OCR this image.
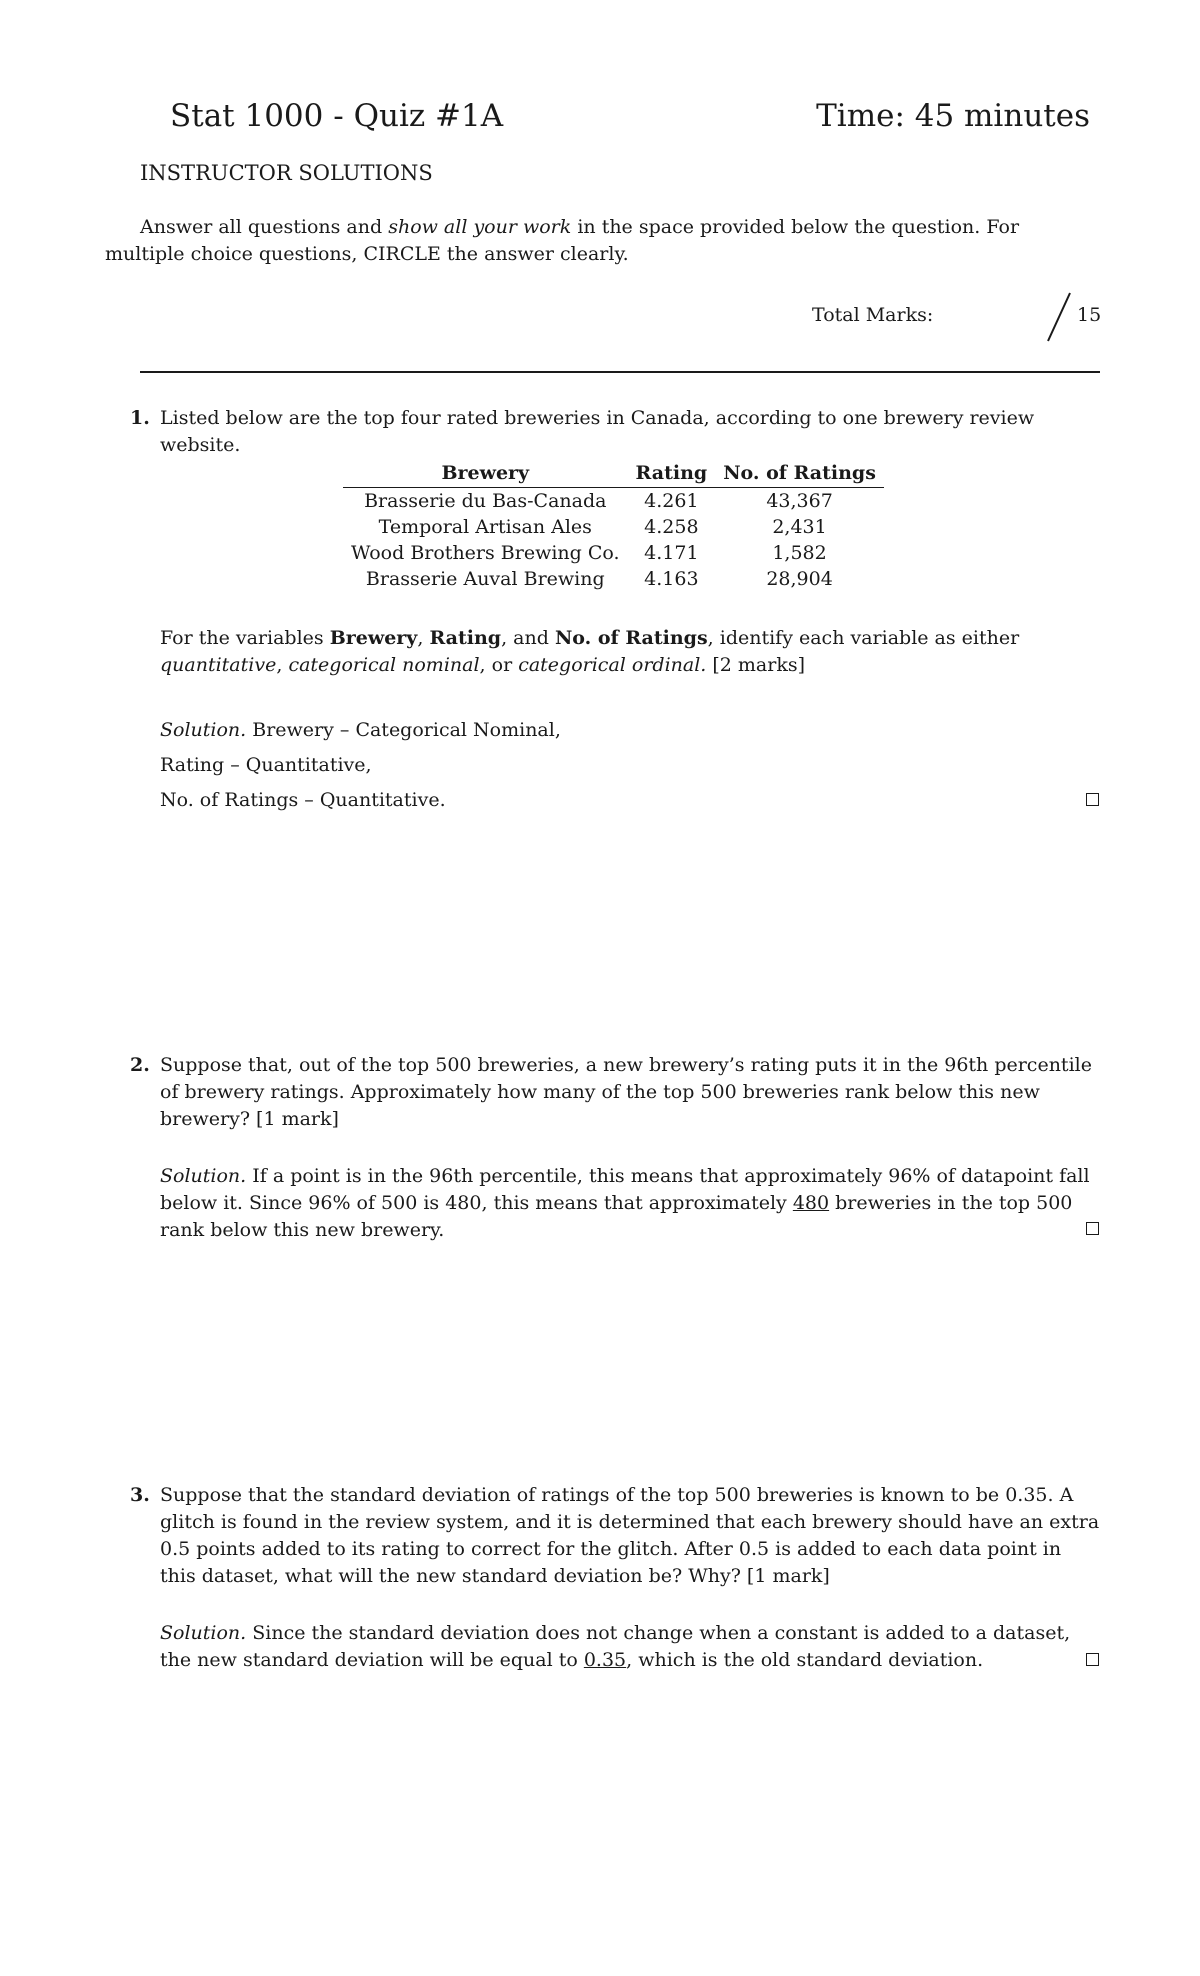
Stat 1000 - Quiz #1A	Time: 45 minutes
INSTRUCTOR SOLUTIONS
Answer all questions and show all your work in the space provided below the question. For multiple choice questions, CIRCLE the answer clearly.
Total Marks:	15
1. Listed below are the top four rated breweries in Canada, according to one brewery review website.
Brewery	Rating	No. of Ratings
Brasserie du Bas-Canada	4.261	43,367
Temporal Artisan Ales	4.258	2,431
Wood Brothers Brewing Co.	4.171	1,582
Brasserie Auval Brewing	4.163	28,904
For the variables Brewery, Rating, and No. of Ratings, identify each variable as either quantitative, categorical nominal, or categorical ordinal. [2 marks]
Solution. Brewery – Categorical Nominal,
Rating – Quantitative,
No. of Ratings – Quantitative.
2. Suppose that, out of the top 500 breweries, a new brewery’s rating puts it in the 96th percentile of brewery ratings. Approximately how many of the top 500 breweries rank below this new brewery? [1 mark]
Solution. If a point is in the 96th percentile, this means that approximately 96% of datapoint fall below it. Since 96% of 500 is 480, this means that approximately 480 breweries in the top 500 rank below this new brewery.
3. Suppose that the standard deviation of ratings of the top 500 breweries is known to be 0.35. A glitch is found in the review system, and it is determined that each brewery should have an extra 0.5 points added to its rating to correct for the glitch. After 0.5 is added to each data point in this dataset, what will the new standard deviation be? Why? [1 mark]
Solution. Since the standard deviation does not change when a constant is added to a dataset, the new standard deviation will be equal to 0.35, which is the old standard deviation.
